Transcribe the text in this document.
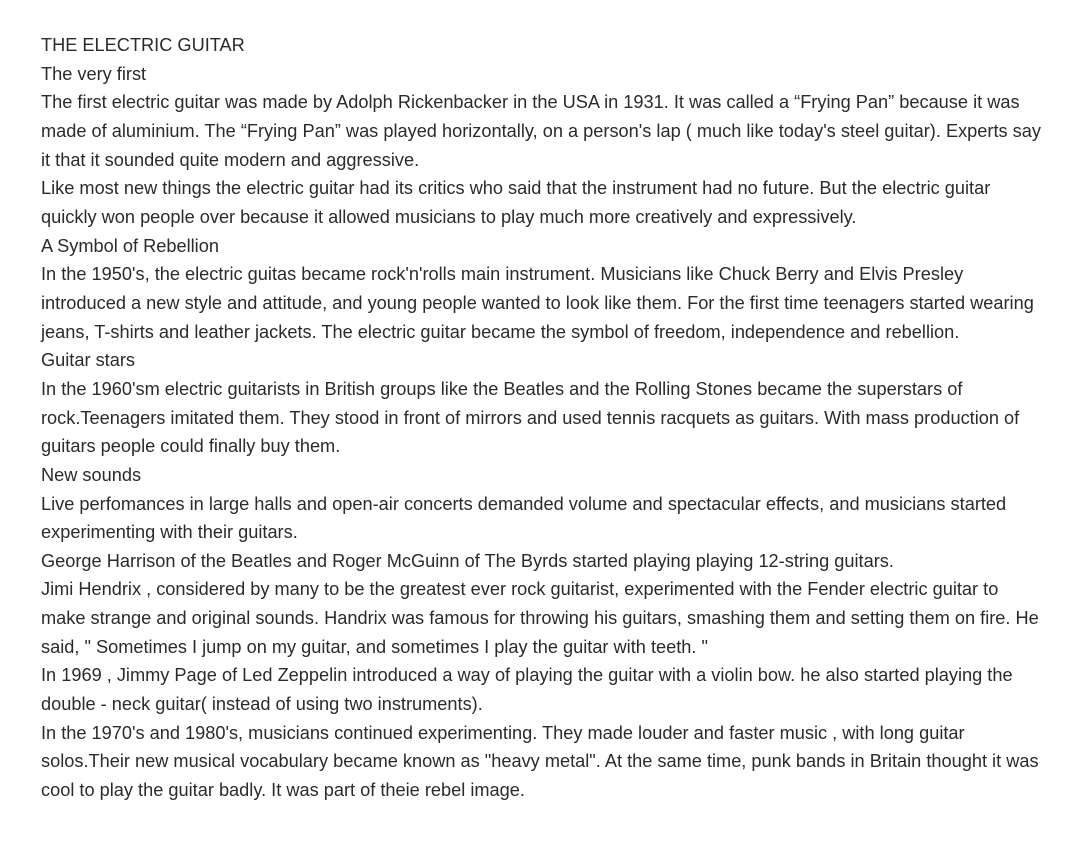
THE ELECTRIC GUITAR

The very first

The first electric guitar was made by Adolph Rickenbacker in the USA in 1931. It was called a “Frying Pan” because it was made of aluminium. The “Frying Pan” was played horizontally, on a person's lap ( much like today's steel guitar). Experts say it that it sounded quite modern and aggressive.

Like most new things the electric guitar had its critics who said that the instrument had no future. But the electric guitar quickly won people over because it allowed musicians to play much more creatively and expressively.

A Symbol of Rebellion

In the 1950's, the electric guitas became rock'n'rolls main instrument. Musicians like Chuck Berry and Elvis Presley introduced a new style and attitude, and young people wanted to look like them. For the first time teenagers started wearing jeans, T-shirts and leather jackets. The electric guitar became the symbol of freedom, independence and rebellion.

Guitar stars

In the 1960'sm electric guitarists in British groups like the Beatles and the Rolling Stones became the superstars of rock.Teenagers imitated them. They stood in front of mirrors and used tennis racquets as guitars. With mass production of guitars people could finally buy them.

New sounds

Live perfomances in large halls and open-air concerts demanded volume and spectacular effects, and musicians started experimenting with their guitars.

George Harrison of the Beatles and Roger McGuinn of The Byrds started playing playing 12-string guitars.

Jimi Hendrix , considered by many to be the greatest ever rock guitarist, experimented with the Fender electric guitar to make strange and original sounds. Handrix was famous for throwing his guitars, smashing them and setting them on fire. He said, " Sometimes I jump on my guitar, and sometimes I play the guitar with teeth. "

In 1969 , Jimmy Page of Led Zeppelin introduced a way of playing the guitar with a violin bow. he also started playing the double - neck guitar( instead of using two instruments).

In the 1970's and 1980's, musicians continued experimenting. They made louder and faster music , with long guitar solos.Their new musical vocabulary became known as "heavy metal". At the same time, punk bands in Britain thought it was cool to play the guitar badly. It was part of theie rebel image.
